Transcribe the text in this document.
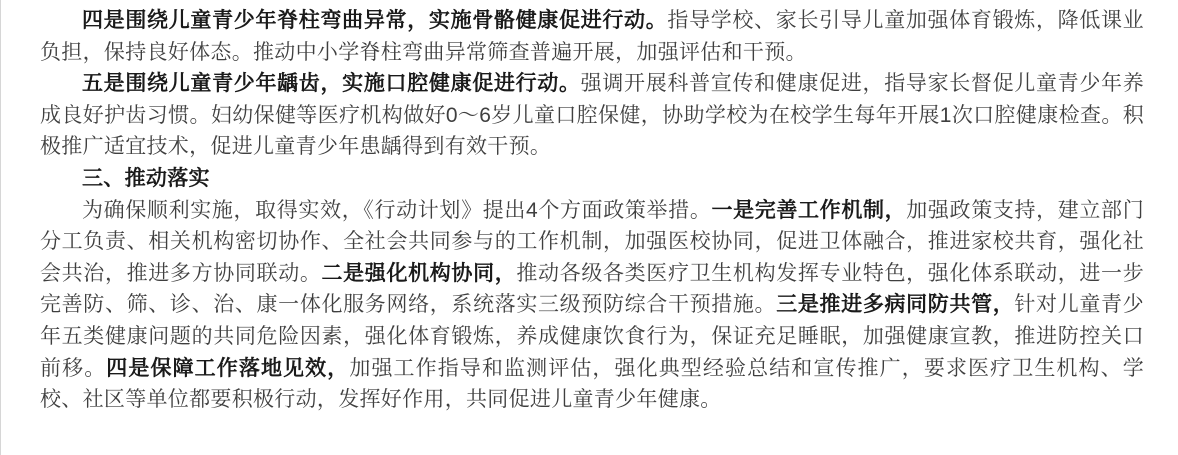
四是围绕儿童青少年脊柱弯曲异常，实施骨骼健康促进行动。指导学校、家长引导儿童加强体育锻炼，降低课业负担，保持良好体态。推动中小学脊柱弯曲异常筛查普遍开展，加强评估和干预。

五是围绕儿童青少年龋齿，实施口腔健康促进行动。强调开展科普宣传和健康促进，指导家长督促儿童青少年养成良好护齿习惯。妇幼保健等医疗机构做好0～6岁儿童口腔保健，协助学校为在校学生每年开展1次口腔健康检查。积极推广适宜技术，促进儿童青少年患龋得到有效干预。

三、推动落实

为确保顺利实施，取得实效，《行动计划》提出4个方面政策举措。一是完善工作机制，加强政策支持，建立部门分工负责、相关机构密切协作、全社会共同参与的工作机制，加强医校协同，促进卫体融合，推进家校共育，强化社会共治，推进多方协同联动。二是强化机构协同，推动各级各类医疗卫生机构发挥专业特色，强化体系联动，进一步完善防、筛、诊、治、康一体化服务网络，系统落实三级预防综合干预措施。三是推进多病同防共管，针对儿童青少年五类健康问题的共同危险因素，强化体育锻炼，养成健康饮食行为，保证充足睡眠，加强健康宣教，推进防控关口前移。四是保障工作落地见效，加强工作指导和监测评估，强化典型经验总结和宣传推广，要求医疗卫生机构、学校、社区等单位都要积极行动，发挥好作用，共同促进儿童青少年健康。
